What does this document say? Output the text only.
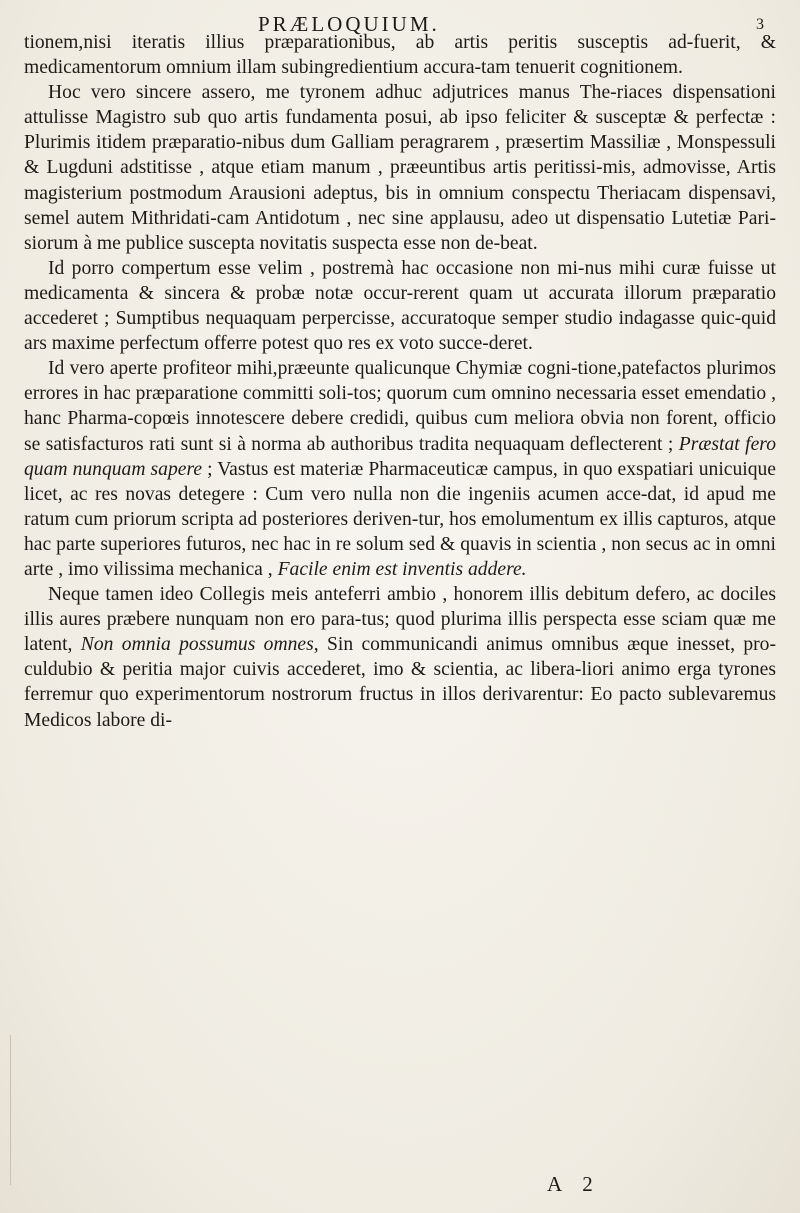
PRÆLOQUIUM.	3

tionem,nisi iteratis illius præparationibus, ab artis peritis susceptis ad-fuerit, & medicamentorum omnium illam subingredientium accura-tam tenuerit cognitionem.

Hoc vero sincere assero, me tyronem adhuc adjutrices manus The-riaces dispensationi attulisse Magistro sub quo artis fundamenta posui, ab ipso feliciter & susceptæ & perfectæ : Plurimis itidem præparatio-nibus dum Galliam peragrarem , præsertim Massiliæ , Monspessuli & Lugduni adstitisse , atque etiam manum , præeuntibus artis peritissi-mis, admovisse, Artis magisterium postmodum Arausioni adeptus, bis in omnium conspectu Theriacam dispensavi, semel autem Mithridati-cam Antidotum , nec sine applausu, adeo ut dispensatio Lutetiæ Pari-siorum à me publice suscepta novitatis suspecta esse non de-beat.

Id porro compertum esse velim , postremà hac occasione non mi-nus mihi curæ fuisse ut medicamenta & sincera & probæ notæ occur-rerent quam ut accurata illorum præparatio accederet ; Sumptibus nequaquam perpercisse, accuratoque semper studio indagasse quic-quid ars maxime perfectum offerre potest quo res ex voto succe-deret.

Id vero aperte profiteor mihi,præeunte qualicunque Chymiæ cogni-tione,patefactos plurimos errores in hac præparatione committi soli-tos; quorum cum omnino necessaria esset emendatio , hanc Pharma-copœis innotescere debere credidi, quibus cum meliora obvia non forent, officio se satisfacturos rati sunt si à norma ab authoribus tradita nequaquam deflecterent ; Præstat fero quam nunquam sapere ; Vastus est materiæ Pharmaceuticæ campus, in quo exspatiari unicuique licet, ac res novas detegere : Cum vero nulla non die ingeniis acumen acce-dat, id apud me ratum cum priorum scripta ad posteriores deriven-tur, hos emolumentum ex illis capturos, atque hac parte superiores futuros, nec hac in re solum sed & quavis in scientia , non secus ac in omni arte , imo vilissima mechanica , Facile enim est inventis addere.

Neque tamen ideo Collegis meis anteferri ambio , honorem illis debitum defero, ac dociles illis aures præbere nunquam non ero para-tus; quod plurima illis perspecta esse sciam quæ me latent, Non omnia possumus omnes, Sin communicandi animus omnibus æque inesset, pro-culdubio & peritia major cuivis accederet, imo & scientia, ac libera-liori animo erga tyrones ferremur quo experimentorum nostrorum fructus in illos derivarentur: Eo pacto sublevaremus Medicos labore di-

A 2
